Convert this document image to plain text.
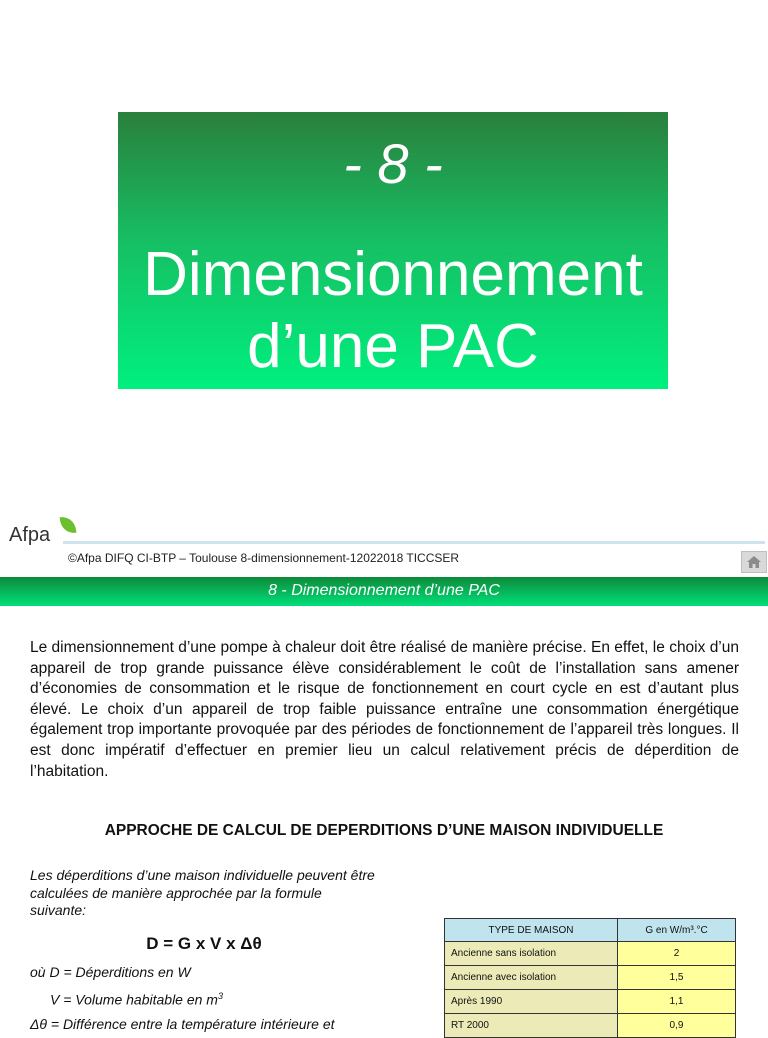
- 8 -
Dimensionnement
d’une PAC
Afpa
©Afpa DIFQ CI-BTP – Toulouse 8-dimensionnement-12022018 TICCSER
8 - Dimensionnement d’une PAC

Le dimensionnement d’une pompe à chaleur doit être réalisé de manière précise. En effet, le choix d’un appareil de trop grande puissance élève considérablement le coût de l’installation sans amener d’économies de consommation et le risque de fonctionnement en court cycle en est d’autant plus élevé. Le choix d’un appareil de trop faible puissance entraîne une consommation énergétique également trop importante provoquée par des périodes de fonctionnement de l’appareil très longues. Il est donc impératif d’effectuer en premier lieu un calcul relativement précis de déperdition de l’habitation.

APPROCHE DE CALCUL DE DEPERDITIONS D’UNE MAISON INDIVIDUELLE

Les déperditions d’une maison individuelle peuvent être calculées de manière approchée par la formule suivante:

D = G x V x Δθ
où D = Déperditions en W
V = Volume habitable en $m^3$
Δθ = Différence entre la température intérieure et
TYPE DE MAISON	G en W/m³.°C
Ancienne sans isolation	2
Ancienne avec isolation	1,5
Après 1990	1,1
RT 2000	0,9
